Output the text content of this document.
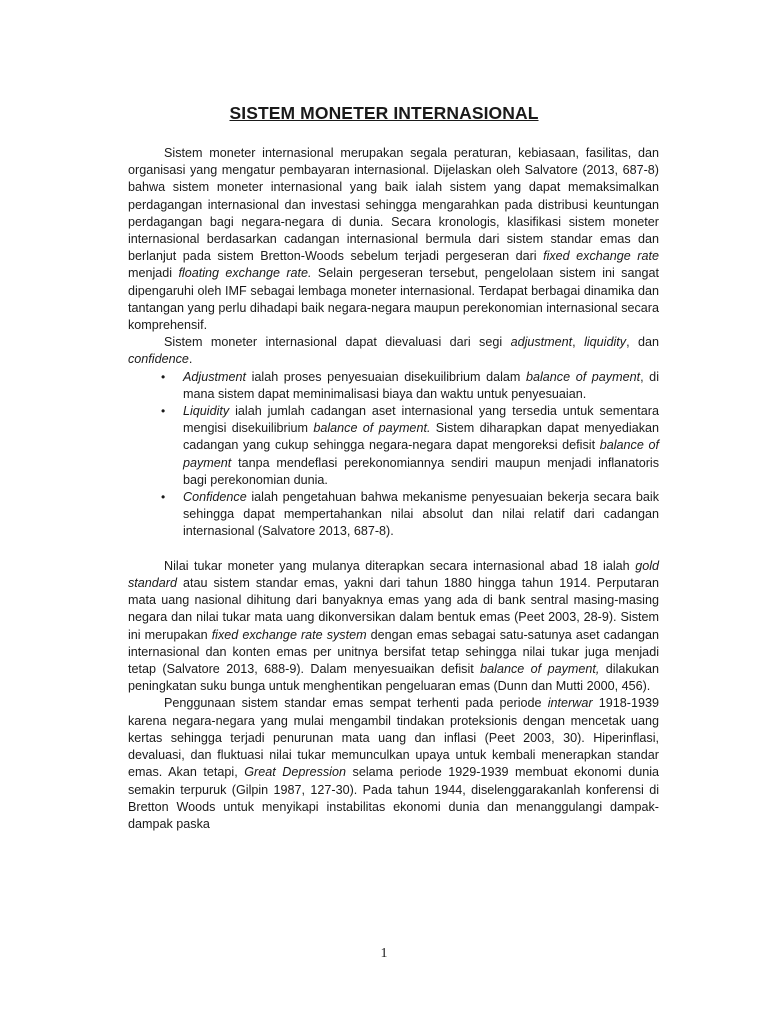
SISTEM MONETER INTERNASIONAL

Sistem moneter internasional merupakan segala peraturan, kebiasaan, fasilitas, dan organisasi yang mengatur pembayaran internasional. Dijelaskan oleh Salvatore (2013, 687-8) bahwa sistem moneter internasional yang baik ialah sistem yang dapat memaksimalkan perdagangan internasional dan investasi sehingga mengarahkan pada distribusi keuntungan perdagangan bagi negara-negara di dunia. Secara kronologis, klasifikasi sistem moneter internasional berdasarkan cadangan internasional bermula dari sistem standar emas dan berlanjut pada sistem Bretton-Woods sebelum terjadi pergeseran dari fixed exchange rate menjadi floating exchange rate. Selain pergeseran tersebut, pengelolaan sistem ini sangat dipengaruhi oleh IMF sebagai lembaga moneter internasional. Terdapat berbagai dinamika dan tantangan yang perlu dihadapi baik negara-negara maupun perekonomian internasional secara komprehensif.

Sistem moneter internasional dapat dievaluasi dari segi adjustment, liquidity, dan confidence.

• Adjustment ialah proses penyesuaian disekuilibrium dalam balance of payment, di mana sistem dapat meminimalisasi biaya dan waktu untuk penyesuaian.
• Liquidity ialah jumlah cadangan aset internasional yang tersedia untuk sementara mengisi disekuilibrium balance of payment. Sistem diharapkan dapat menyediakan cadangan yang cukup sehingga negara-negara dapat mengoreksi defisit balance of payment tanpa mendeflasi perekonomiannya sendiri maupun menjadi inflanatoris bagi perekonomian dunia.
• Confidence ialah pengetahuan bahwa mekanisme penyesuaian bekerja secara baik sehingga dapat mempertahankan nilai absolut dan nilai relatif dari cadangan internasional (Salvatore 2013, 687-8).

Nilai tukar moneter yang mulanya diterapkan secara internasional abad 18 ialah gold standard atau sistem standar emas, yakni dari tahun 1880 hingga tahun 1914. Perputaran mata uang nasional dihitung dari banyaknya emas yang ada di bank sentral masing-masing negara dan nilai tukar mata uang dikonversikan dalam bentuk emas (Peet 2003, 28-9). Sistem ini merupakan fixed exchange rate system dengan emas sebagai satu-satunya aset cadangan internasional dan konten emas per unitnya bersifat tetap sehingga nilai tukar juga menjadi tetap (Salvatore 2013, 688-9). Dalam menyesuaikan defisit balance of payment, dilakukan peningkatan suku bunga untuk menghentikan pengeluaran emas (Dunn dan Mutti 2000, 456).

Penggunaan sistem standar emas sempat terhenti pada periode interwar 1918-1939 karena negara-negara yang mulai mengambil tindakan proteksionis dengan mencetak uang kertas sehingga terjadi penurunan mata uang dan inflasi (Peet 2003, 30). Hiperinflasi, devaluasi, dan fluktuasi nilai tukar memunculkan upaya untuk kembali menerapkan standar emas. Akan tetapi, Great Depression selama periode 1929-1939 membuat ekonomi dunia semakin terpuruk (Gilpin 1987, 127-30). Pada tahun 1944, diselenggarakanlah konferensi di Bretton Woods untuk menyikapi instabilitas ekonomi dunia dan menanggulangi dampak-dampak paska

1
